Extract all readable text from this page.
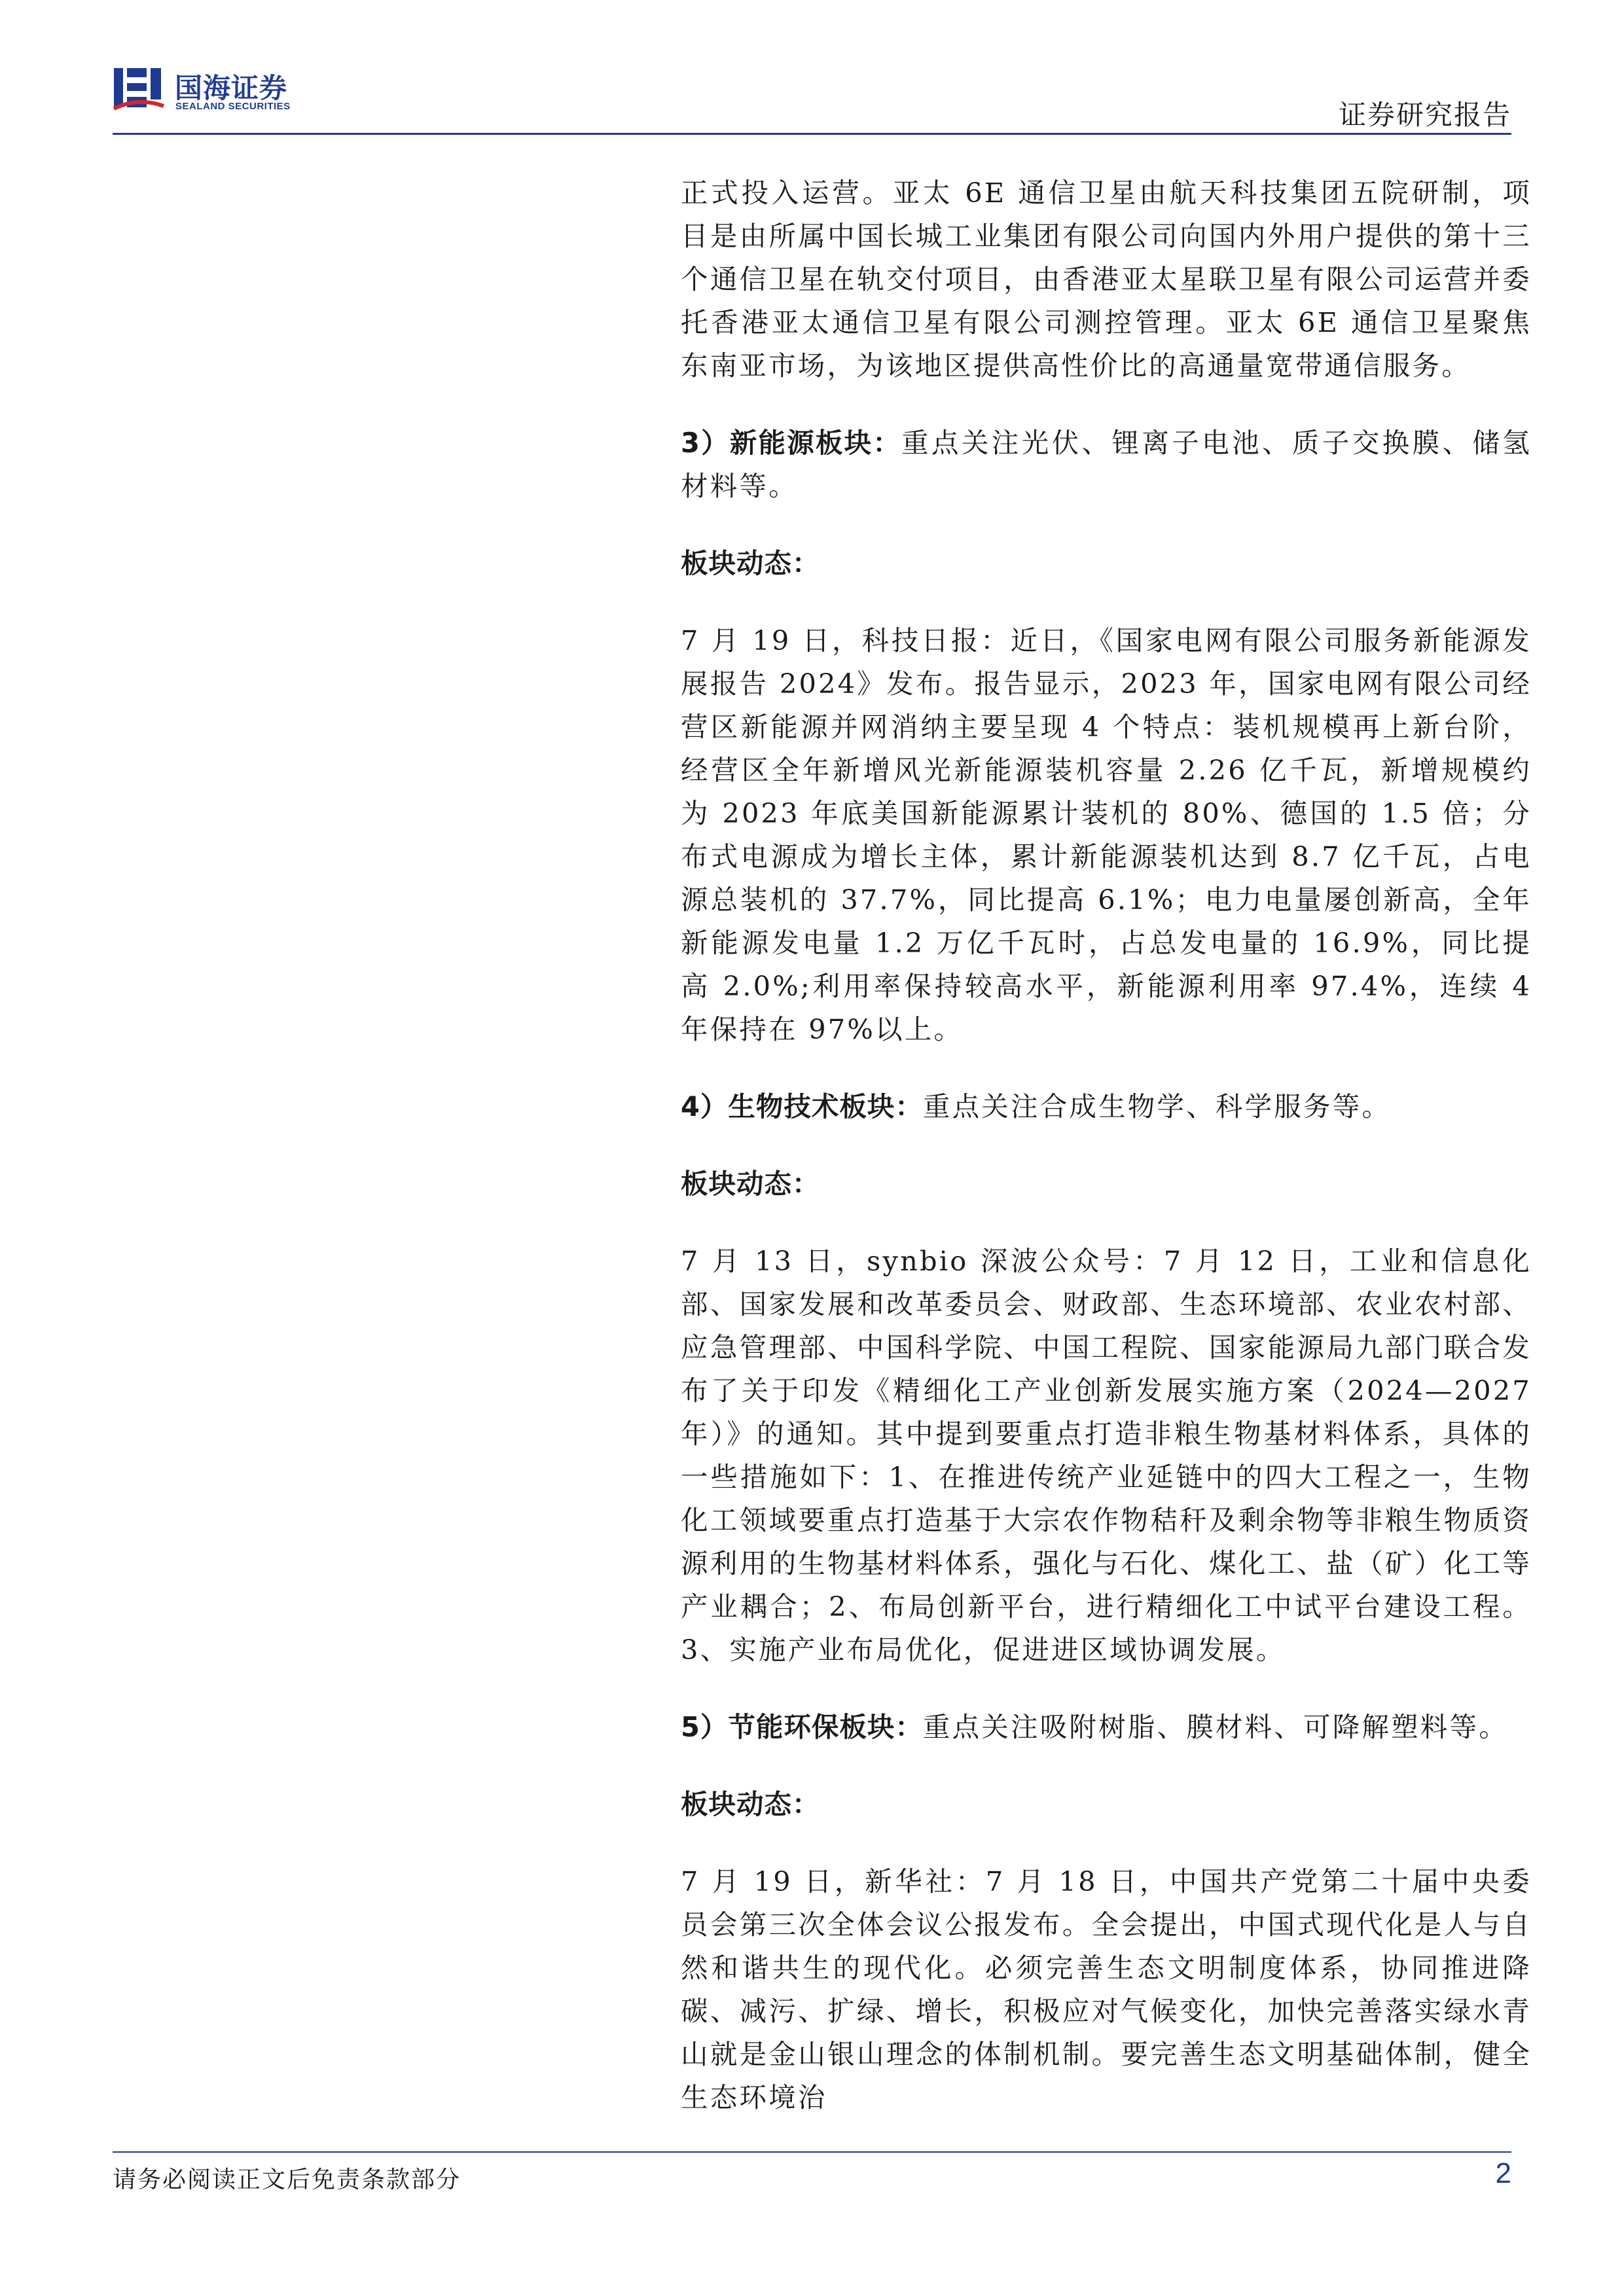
国海证券
SEALAND SECURITIES	证券研究报告

正式投入运营。亚太 6E 通信卫星由航天科技集团五院研制，项目是由所属中国长城工业集团有限公司向国内外用户提供的第十三个通信卫星在轨交付项目，由香港亚太星联卫星有限公司运营并委托香港亚太通信卫星有限公司测控管理。亚太 6E 通信卫星聚焦东南亚市场，为该地区提供高性价比的高通量宽带通信服务。

3）新能源板块：重点关注光伏、锂离子电池、质子交换膜、储氢材料等。

板块动态：

7 月 19 日，科技日报：近日，《国家电网有限公司服务新能源发展报告 2024》发布。报告显示，2023 年，国家电网有限公司经营区新能源并网消纳主要呈现 4 个特点：装机规模再上新台阶，经营区全年新增风光新能源装机容量 2.26 亿千瓦，新增规模约为 2023 年底美国新能源累计装机的 80%、德国的 1.5 倍；分布式电源成为增长主体，累计新能源装机达到 8.7 亿千瓦，占电源总装机的 37.7%，同比提高 6.1%；电力电量屡创新高，全年新能源发电量 1.2 万亿千瓦时，占总发电量的 16.9%，同比提高 2.0%;利用率保持较高水平，新能源利用率 97.4%，连续 4 年保持在 97%以上。

4）生物技术板块：重点关注合成生物学、科学服务等。

板块动态：

7 月 13 日，synbio 深波公众号：7 月 12 日，工业和信息化部、国家发展和改革委员会、财政部、生态环境部、农业农村部、应急管理部、中国科学院、中国工程院、国家能源局九部门联合发布了关于印发《精细化工产业创新发展实施方案（2024—2027 年）》的通知。其中提到要重点打造非粮生物基材料体系，具体的一些措施如下：1、在推进传统产业延链中的四大工程之一，生物化工领域要重点打造基于大宗农作物秸秆及剩余物等非粮生物质资源利用的生物基材料体系，强化与石化、煤化工、盐（矿）化工等产业耦合；2、布局创新平台，进行精细化工中试平台建设工程。3、实施产业布局优化，促进进区域协调发展。

5）节能环保板块：重点关注吸附树脂、膜材料、可降解塑料等。

板块动态：

7 月 19 日，新华社：7 月 18 日，中国共产党第二十届中央委员会第三次全体会议公报发布。全会提出，中国式现代化是人与自然和谐共生的现代化。必须完善生态文明制度体系，协同推进降碳、减污、扩绿、增长，积极应对气候变化，加快完善落实绿水青山就是金山银山理念的体制机制。要完善生态文明基础体制，健全生态环境治

请务必阅读正文后免责条款部分	2
